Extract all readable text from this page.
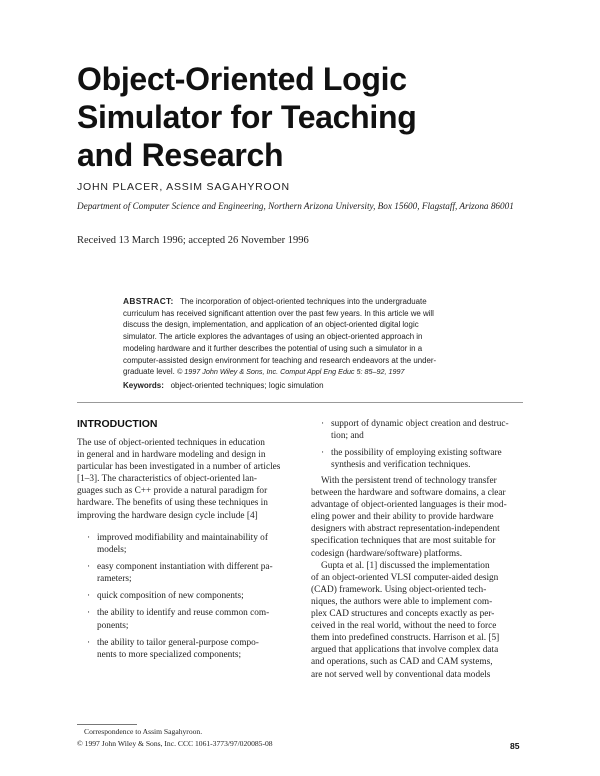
Object-Oriented Logic
Simulator for Teaching
and Research
JOHN PLACER, ASSIM SAGAHYROON
Department of Computer Science and Engineering, Northern Arizona University, Box 15600, Flagstaff, Arizona 86001
Received 13 March 1996; accepted 26 November 1996
ABSTRACT: The incorporation of object-oriented techniques into the undergraduate
curriculum has received significant attention over the past few years. In this article we will
discuss the design, implementation, and application of an object-oriented digital logic
simulator. The article explores the advantages of using an object-oriented approach in
modeling hardware and it further describes the potential of using such a simulator in a
computer-assisted design environment for teaching and research endeavors at the under-
graduate level. © 1997 John Wiley & Sons, Inc. Comput Appl Eng Educ 5: 85–92, 1997
Keywords: object-oriented techniques; logic simulation
INTRODUCTION
The use of object-oriented techniques in education
in general and in hardware modeling and design in
particular has been investigated in a number of articles
[1–3]. The characteristics of object-oriented lan-
guages such as C++ provide a natural paradigm for
hardware. The benefits of using these techniques in
improving the hardware design cycle include [4]
· improved modifiability and maintainability of
models;
· easy component instantiation with different pa-
rameters;
· quick composition of new components;
· the ability to identify and reuse common com-
ponents;
· the ability to tailor general-purpose compo-
nents to more specialized components;
· support of dynamic object creation and destruc-
tion; and
· the possibility of employing existing software
synthesis and verification techniques.
With the persistent trend of technology transfer
between the hardware and software domains, a clear
advantage of object-oriented languages is their mod-
eling power and their ability to provide hardware
designers with abstract representation-independent
specification techniques that are most suitable for
codesign (hardware/software) platforms.
Gupta et al. [1] discussed the implementation
of an object-oriented VLSI computer-aided design
(CAD) framework. Using object-oriented tech-
niques, the authors were able to implement com-
plex CAD structures and concepts exactly as per-
ceived in the real world, without the need to force
them into predefined constructs. Harrison et al. [5]
argued that applications that involve complex data
and operations, such as CAD and CAM systems,
are not served well by conventional data models
Correspondence to Assim Sagahyroon.
© 1997 John Wiley & Sons, Inc. CCC 1061-3773/97/020085-08	85
